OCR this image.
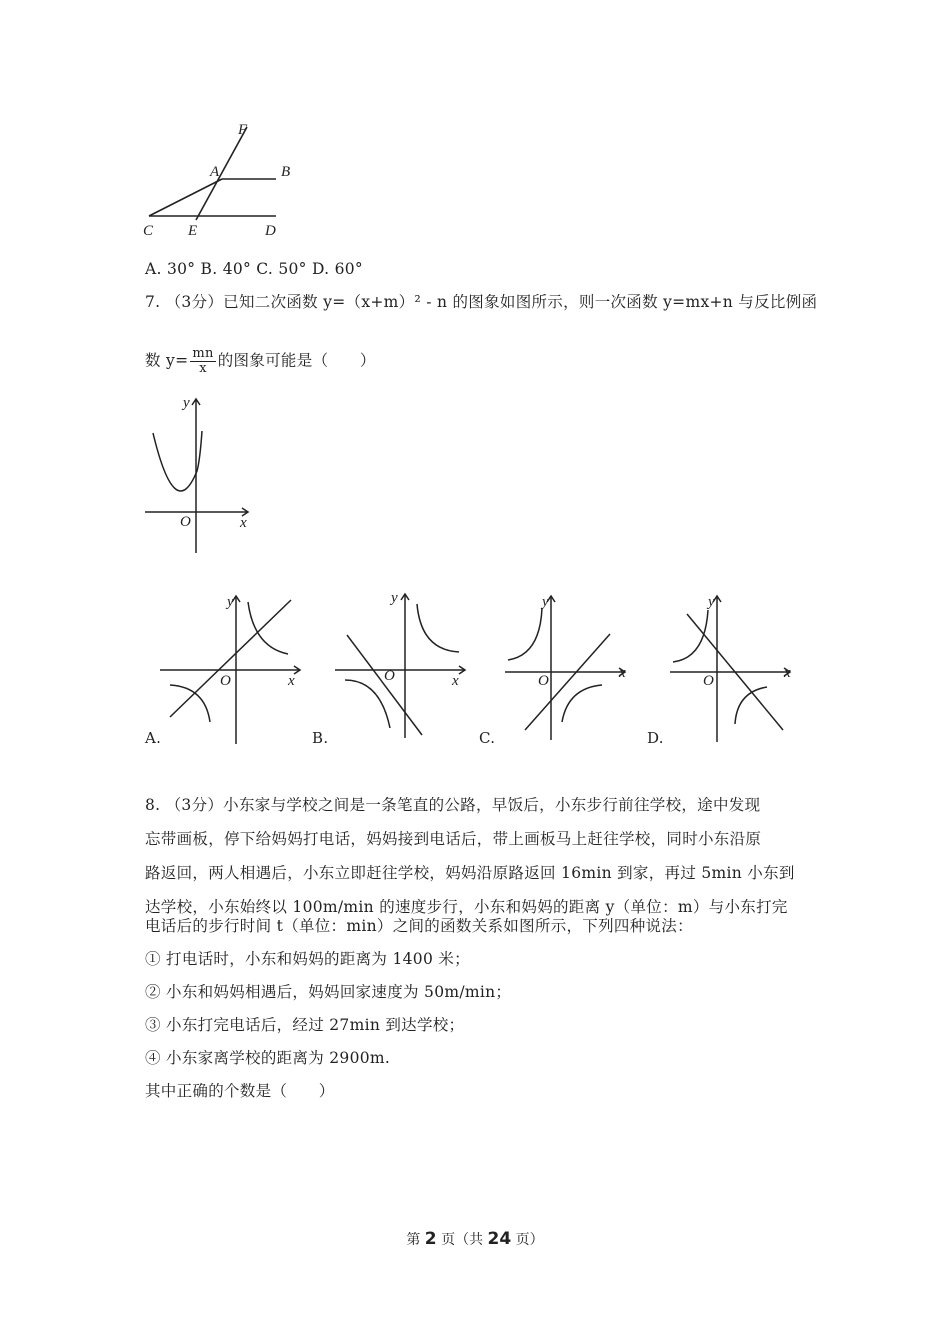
F
A	B
C E	D
A. 30° B. 40° C. 50° D. 60°
7. （3分）已知二次函数 y=（x+m）² - n 的图象如图所示，则一次函数 y=mx+n 与反比例函
数 $y= \frac{mn}{x}$ 的图象可能是（　　）
y
x
O
y
x
O
y
x
O
y
x
O
y
x
O
A.	B.	C.	D.
8. （3分）小东家与学校之间是一条笔直的公路，早饭后，小东步行前往学校，途中发现
忘带画板，停下给妈妈打电话，妈妈接到电话后，带上画板马上赶往学校，同时小东沿原
路返回，两人相遇后，小东立即赶往学校，妈妈沿原路返回 16min 到家，再过 5min 小东到
达学校，小东始终以 100m/min 的速度步行，小东和妈妈的距离 y（单位：m）与小东打完
电话后的步行时间 t（单位：min）之间的函数关系如图所示，下列四种说法：
① 打电话时，小东和妈妈的距离为 1400 米；
② 小东和妈妈相遇后，妈妈回家速度为 50m/min；
③ 小东打完电话后，经过 27min 到达学校；
④ 小东家离学校的距离为 2900m.
其中正确的个数是（　　）
第 2 页（共 24 页）
